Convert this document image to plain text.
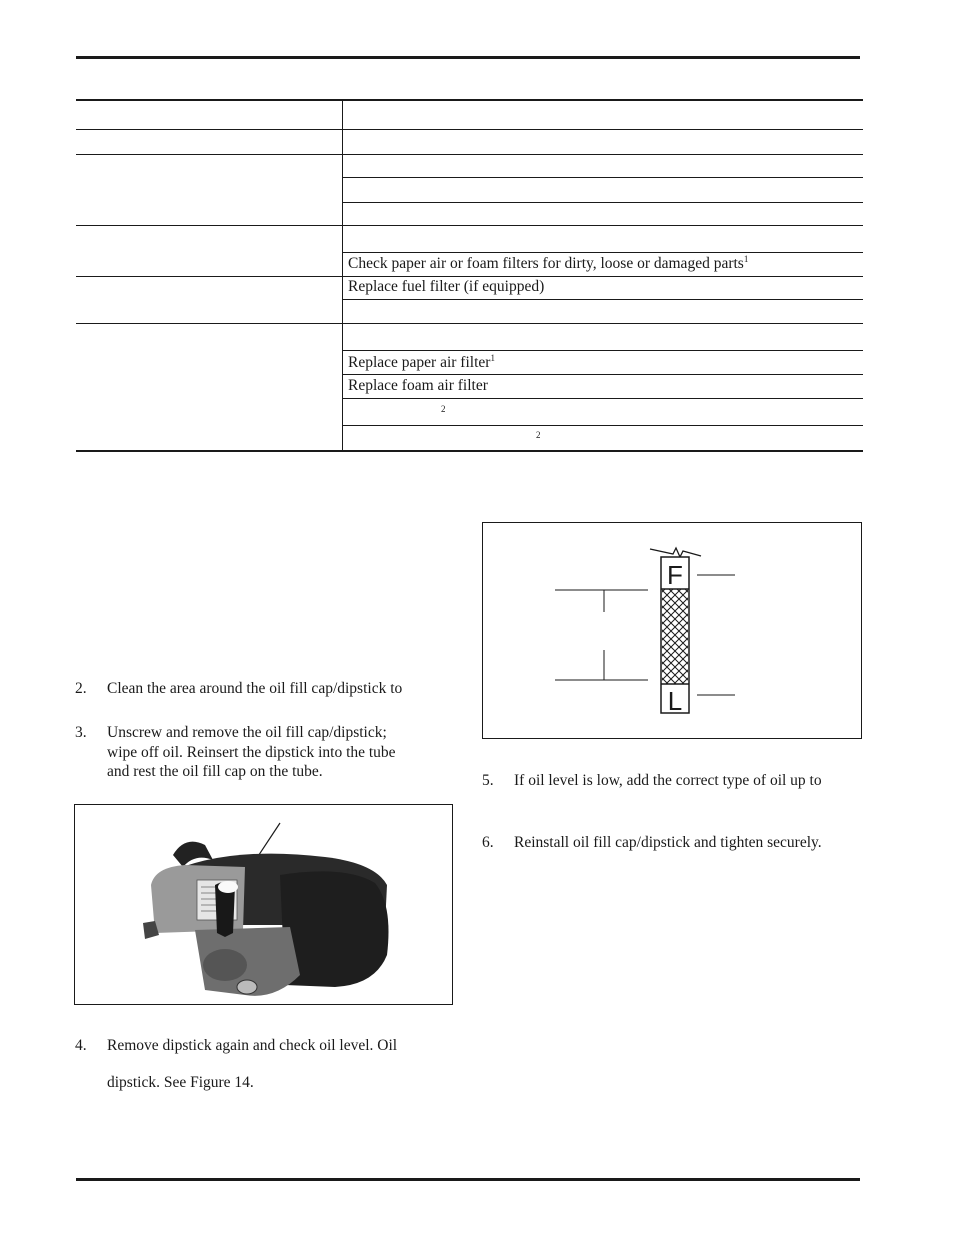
Check paper air or foam filters for dirty, loose or damaged parts$^1$
Replace fuel filter (if equipped)
Replace paper air filter$^1$
Replace foam air filter
2
2
2. Clean the area around the oil fill cap/dipstick to
3. Unscrew and remove the oil fill cap/dipstick;
wipe off oil. Reinsert the dipstick into the tube
and rest the oil fill cap on the tube.
4. Remove dipstick again and check oil level. Oil
dipstick. See Figure 14.
F
L
5. If oil level is low, add the correct type of oil up to
6. Reinstall oil fill cap/dipstick and tighten securely.
